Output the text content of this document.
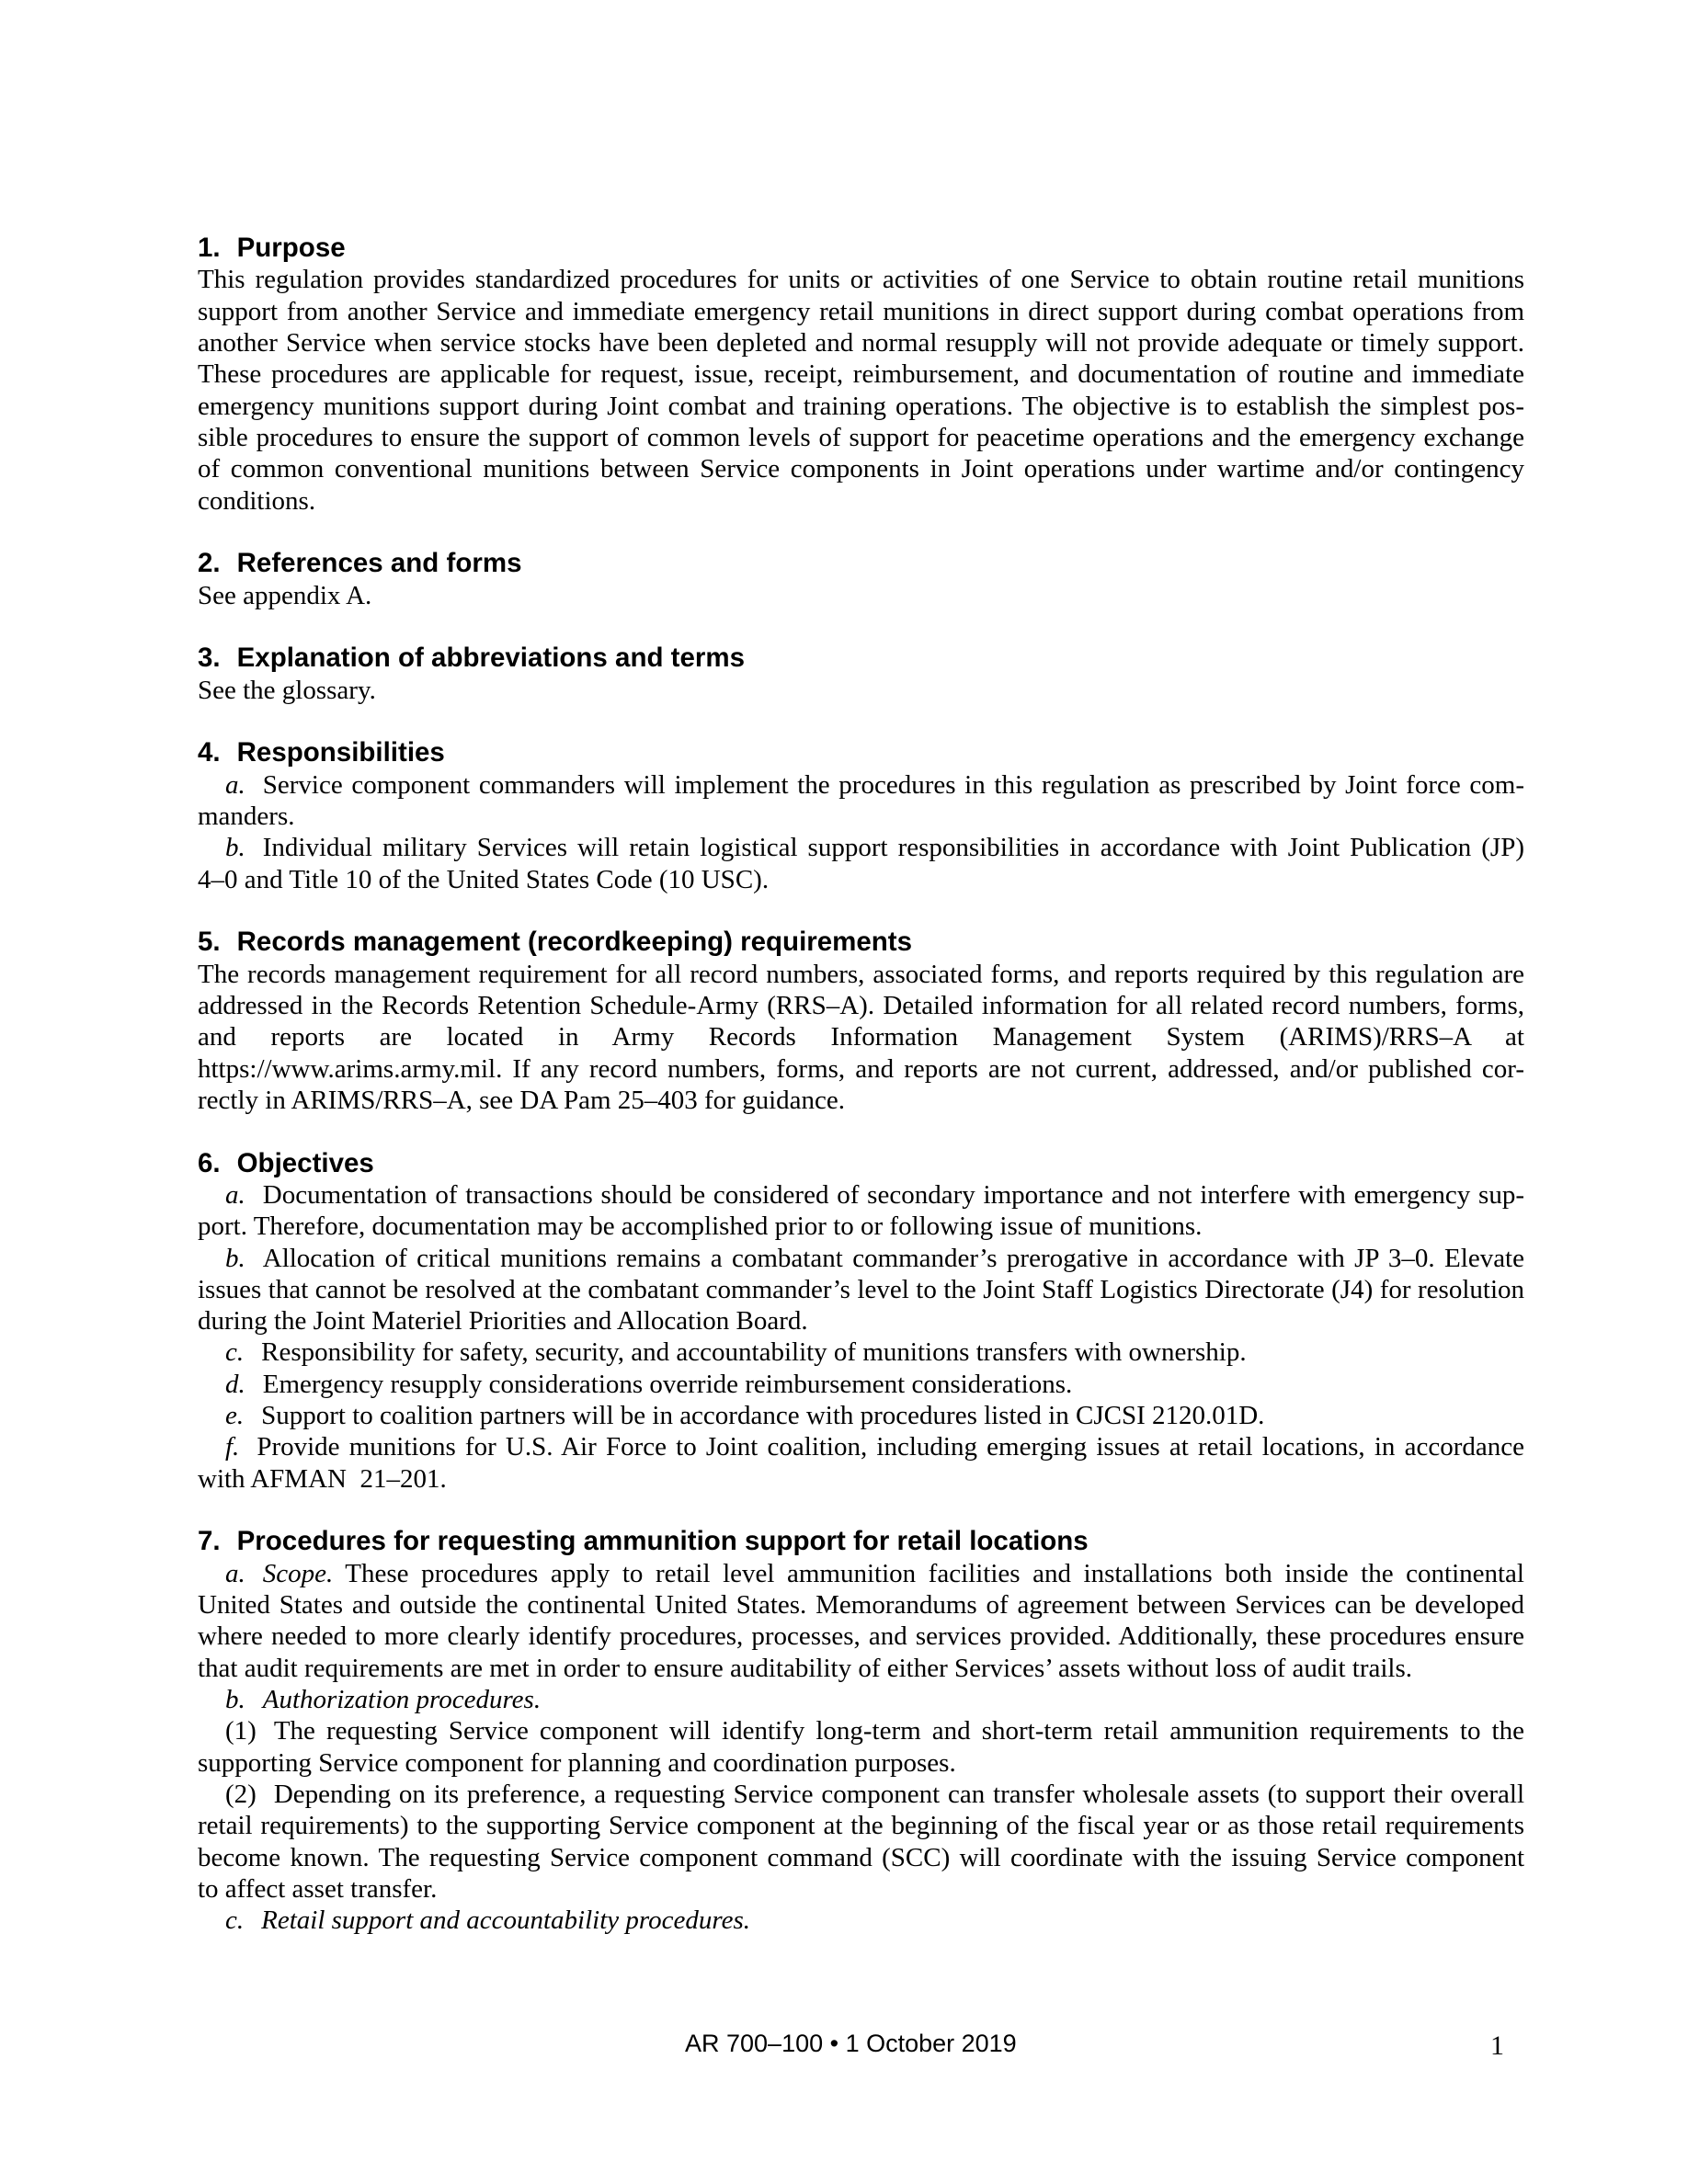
1. Purpose
This regulation provides standardized procedures for units or activities of one Service to obtain routine retail munitions
support from another Service and immediate emergency retail munitions in direct support during combat operations from
another Service when service stocks have been depleted and normal resupply will not provide adequate or timely support.
These procedures are applicable for request, issue, receipt, reimbursement, and documentation of routine and immediate
emergency munitions support during Joint combat and training operations. The objective is to establish the simplest pos-
sible procedures to ensure the support of common levels of support for peacetime operations and the emergency exchange
of common conventional munitions between Service components in Joint operations under wartime and/or contingency
conditions.
2. References and forms
See appendix A.
3. Explanation of abbreviations and terms
See the glossary.
4. Responsibilities
a. Service component commanders will implement the procedures in this regulation as prescribed by Joint force com-
manders.
b. Individual military Services will retain logistical support responsibilities in accordance with Joint Publication (JP)
4–0 and Title 10 of the United States Code (10 USC).
5. Records management (recordkeeping) requirements
The records management requirement for all record numbers, associated forms, and reports required by this regulation are
addressed in the Records Retention Schedule-Army (RRS–A). Detailed information for all related record numbers, forms,
and reports are located in Army Records Information Management System (ARIMS)/RRS–A at
https://www.arims.army.mil. If any record numbers, forms, and reports are not current, addressed, and/or published cor-
rectly in ARIMS/RRS–A, see DA Pam 25–403 for guidance.
6. Objectives
a. Documentation of transactions should be considered of secondary importance and not interfere with emergency sup-
port. Therefore, documentation may be accomplished prior to or following issue of munitions.
b. Allocation of critical munitions remains a combatant commander’s prerogative in accordance with JP 3–0. Elevate
issues that cannot be resolved at the combatant commander’s level to the Joint Staff Logistics Directorate (J4) for resolution
during the Joint Materiel Priorities and Allocation Board.
c. Responsibility for safety, security, and accountability of munitions transfers with ownership.
d. Emergency resupply considerations override reimbursement considerations.
e. Support to coalition partners will be in accordance with procedures listed in CJCSI 2120.01D.
f. Provide munitions for U.S. Air Force to Joint coalition, including emerging issues at retail locations, in accordance
with AFMAN  21–201.
7. Procedures for requesting ammunition support for retail locations
a. Scope. These procedures apply to retail level ammunition facilities and installations both inside the continental
United States and outside the continental United States. Memorandums of agreement between Services can be developed
where needed to more clearly identify procedures, processes, and services provided. Additionally, these procedures ensure
that audit requirements are met in order to ensure auditability of either Services’ assets without loss of audit trails.
b. Authorization procedures.
(1) The requesting Service component will identify long-term and short-term retail ammunition requirements to the
supporting Service component for planning and coordination purposes.
(2) Depending on its preference, a requesting Service component can transfer wholesale assets (to support their overall
retail requirements) to the supporting Service component at the beginning of the fiscal year or as those retail requirements
become known. The requesting Service component command (SCC) will coordinate with the issuing Service component
to affect asset transfer.
c. Retail support and accountability procedures.
AR 700–100 • 1 October 2019	1
